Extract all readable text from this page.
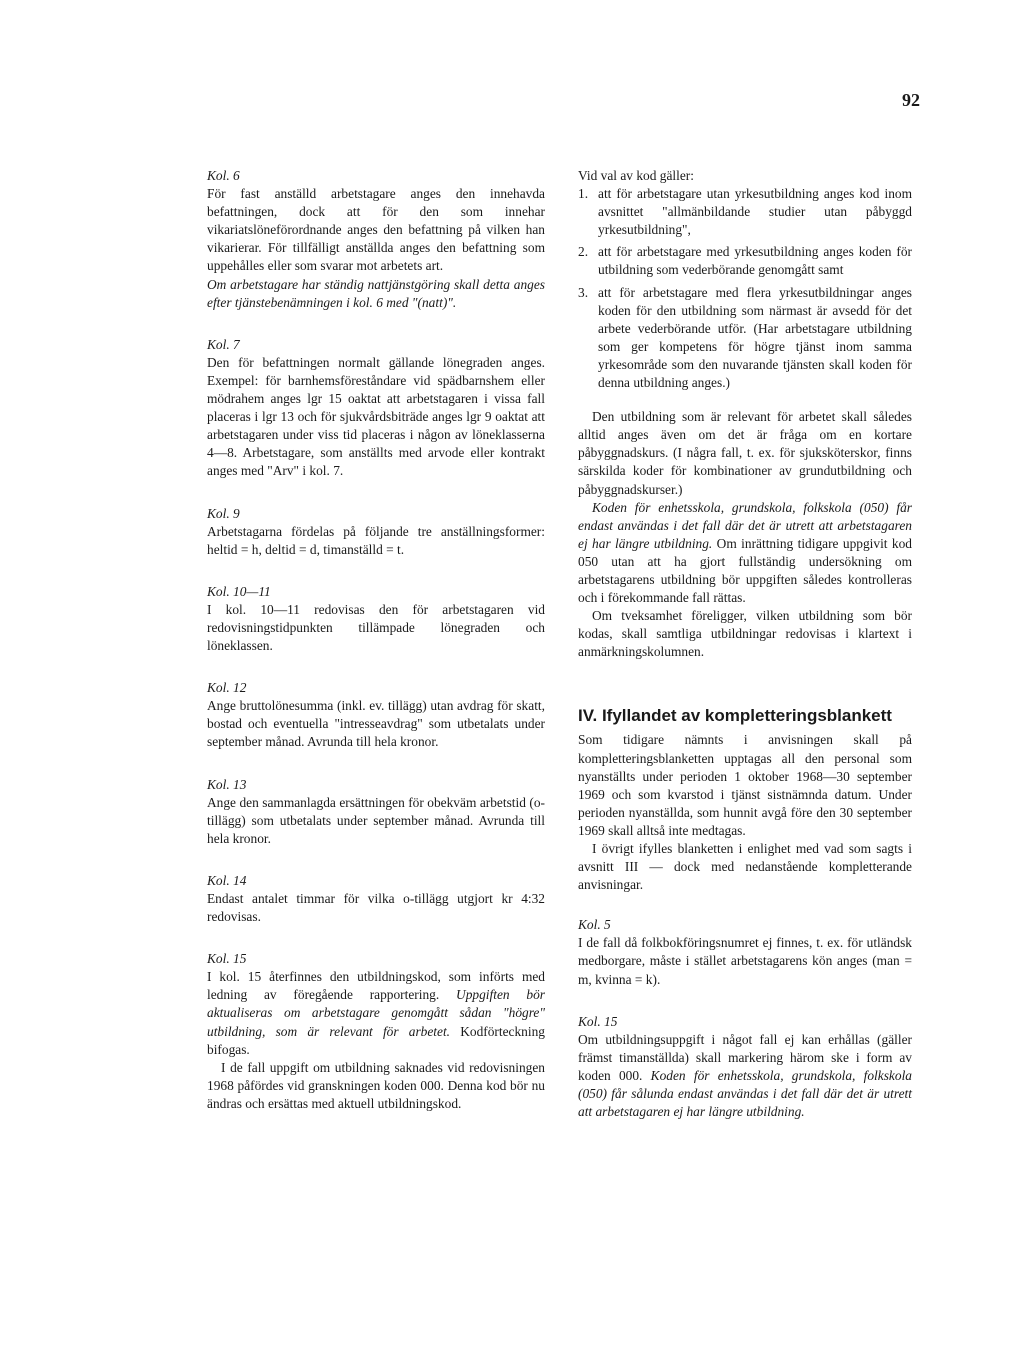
92

Kol. 6

För fast anställd arbetstagare anges den innehavda befattningen, dock att för den som innehar vikariatslöneförordnande anges den befattning på vilken han vikarierar. För tillfälligt anställda anges den befattning som uppehålles eller som svarar mot arbetets art.

Om arbetstagare har ständig nattjänstgöring skall detta anges efter tjänstebenämningen i kol. 6 med "(natt)".

Kol. 7

Den för befattningen normalt gällande lönegraden anges. Exempel: för barnhemsföreståndare vid spädbarnshem eller mödrahem anges lgr 15 oaktat att arbetstagaren i vissa fall placeras i lgr 13 och för sjukvårdsbiträde anges lgr 9 oaktat att arbetstagaren under viss tid placeras i någon av löneklasserna 4—8. Arbetstagare, som anställts med arvode eller kontrakt anges med "Arv" i kol. 7.

Kol. 9

Arbetstagarna fördelas på följande tre anställningsformer: heltid = h, deltid = d, timanställd = t.

Kol. 10—11

I kol. 10—11 redovisas den för arbetstagaren vid redovisningstidpunkten tillämpade lönegraden och löneklassen.

Kol. 12

Ange bruttolönesumma (inkl. ev. tillägg) utan avdrag för skatt, bostad och eventuella "intresseavdrag" som utbetalats under september månad. Avrunda till hela kronor.

Kol. 13

Ange den sammanlagda ersättningen för obekväm arbetstid (o-tillägg) som utbetalats under september månad. Avrunda till hela kronor.

Kol. 14

Endast antalet timmar för vilka o-tillägg utgjort kr 4:32 redovisas.

Kol. 15

I kol. 15 återfinnes den utbildningskod, som införts med ledning av föregående rapportering. Uppgiften bör aktualiseras om arbetstagare genomgått sådan "högre" utbildning, som är relevant för arbetet. Kodförteckning bifogas.

I de fall uppgift om utbildning saknades vid redovisningen 1968 påfördes vid granskningen koden 000. Denna kod bör nu ändras och ersättas med aktuell utbildningskod.

Vid val av kod gäller:

1. att för arbetstagare utan yrkesutbildning anges kod inom avsnittet "allmänbildande studier utan påbyggd yrkesutbildning",
2. att för arbetstagare med yrkesutbildning anges koden för utbildning som vederbörande genomgått samt
3. att för arbetstagare med flera yrkesutbildningar anges koden för den utbildning som närmast är avsedd för det arbete vederbörande utför. (Har arbetstagare utbildning som ger kompetens för högre tjänst inom samma yrkesområde som den nuvarande tjänsten skall koden för denna utbildning anges.)

Den utbildning som är relevant för arbetet skall således alltid anges även om det är fråga om en kortare påbyggnadskurs. (I några fall, t. ex. för sjuksköterskor, finns särskilda koder för kombinationer av grundutbildning och påbyggnadskurser.)

Koden för enhetsskola, grundskola, folkskola (050) får endast användas i det fall där det är utrett att arbetstagaren ej har längre utbildning. Om inrättning tidigare uppgivit kod 050 utan att ha gjort fullständig undersökning om arbetstagarens utbildning bör uppgiften således kontrolleras och i förekommande fall rättas.

Om tveksamhet föreligger, vilken utbildning som bör kodas, skall samtliga utbildningar redovisas i klartext i anmärkningskolumnen.

IV. Ifyllandet av kompletteringsblankett

Som tidigare nämnts i anvisningen skall på kompletteringsblanketten upptagas all den personal som nyanställts under perioden 1 oktober 1968—30 september 1969 och som kvarstod i tjänst sistnämnda datum. Under perioden nyanställda, som hunnit avgå före den 30 september 1969 skall alltså inte medtagas.

I övrigt ifylles blanketten i enlighet med vad som sagts i avsnitt III — dock med nedanstående kompletterande anvisningar.

Kol. 5

I de fall då folkbokföringsnumret ej finnes, t. ex. för utländsk medborgare, måste i stället arbetstagarens kön anges (man = m, kvinna = k).

Kol. 15

Om utbildningsuppgift i något fall ej kan erhållas (gäller främst timanställda) skall markering härom ske i form av koden 000. Koden för enhetsskola, grundskola, folkskola (050) får sålunda endast användas i det fall där det är utrett att arbetstagaren ej har längre utbildning.
